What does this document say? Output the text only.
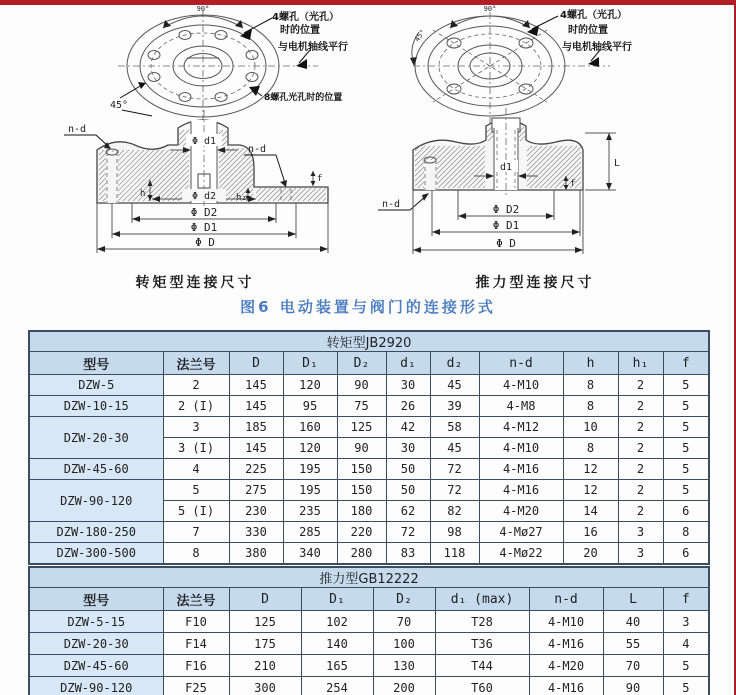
90°
45°
4螺孔（光孔）
时的位置
与电机轴线平行
8螺孔光孔时的位置
90°
45°
4螺孔（光孔）
时的位置
与电机轴线平行
n-d
n-d
Φ d1
h	h₁
f
Φ d2
Φ D2
Φ D1
Φ D
d1
n-d
L
f
Φ D2
Φ D1
Φ D
转矩型连接尺寸	推力型连接尺寸
图6 电动装置与阀门的连接形式
转矩型JB2920										
型号	法兰号	D	D₁	D₂	d₁	d₂	n-d	h	h₁	f
DZW-5	2	145	120	90	30	45	4-M10	8	2	5
DZW-10-15	2 (I)	145	95	75	26	39	4-M8	8	2	5
DZW-20-30	3	185	160	125	42	58	4-M12	10	2	5
	3 (I)	145	120	90	30	45	4-M10	8	2	5
DZW-45-60	4	225	195	150	50	72	4-M16	12	2	5
DZW-90-120	5	275	195	150	50	72	4-M16	12	2	5
	5 (I)	230	235	180	62	82	4-M20	14	2	6
DZW-180-250	7	330	285	220	72	98	4-Mø27	16	3	8
DZW-300-500	8	380	340	280	83	118	4-Mø22	20	3	6
推力型GB12222								
型号	法兰号	D	D₁	D₂	d₁ (max)	n-d	L	f
DZW-5-15	F10	125	102	70	T28	4-M10	40	3
DZW-20-30	F14	175	140	100	T36	4-M16	55	4
DZW-45-60	F16	210	165	130	T44	4-M20	70	5
DZW-90-120	F25	300	254	200	T60	4-M16	90	5
